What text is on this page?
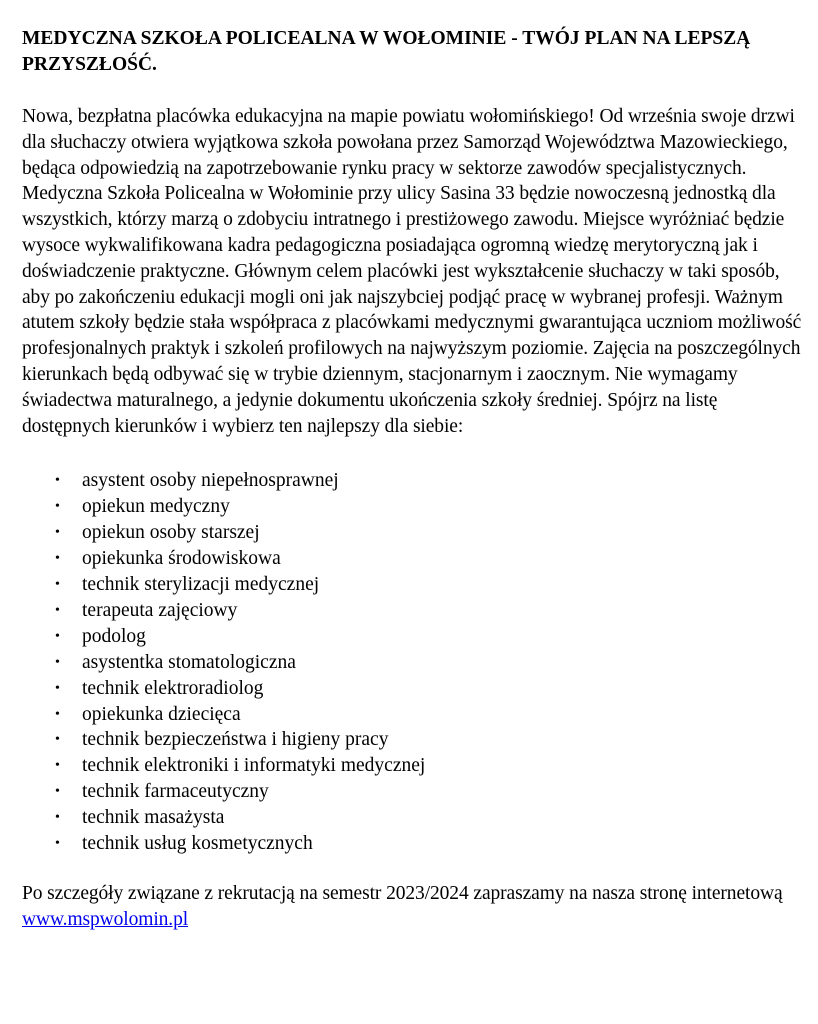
MEDYCZNA SZKOŁA POLICEALNA W WOŁOMINIE - TWÓJ PLAN NA LEPSZĄ PRZYSZŁOŚĆ.

Nowa, bezpłatna placówka edukacyjna na mapie powiatu wołomińskiego! Od września swoje drzwi dla słuchaczy otwiera wyjątkowa szkoła powołana przez Samorząd Województwa Mazowieckiego, będąca odpowiedzią na zapotrzebowanie rynku pracy w sektorze zawodów specjalistycznych. Medyczna Szkoła Policealna w Wołominie przy ulicy Sasina 33 będzie nowoczesną jednostką dla wszystkich, którzy marzą o zdobyciu intratnego i prestiżowego zawodu. Miejsce wyróżniać będzie wysoce wykwalifikowana kadra pedagogiczna posiadająca ogromną wiedzę merytoryczną jak i doświadczenie praktyczne. Głównym celem placówki jest wykształcenie słuchaczy w taki sposób, aby po zakończeniu edukacji mogli oni jak najszybciej podjąć pracę w wybranej profesji. Ważnym atutem szkoły będzie stała współpraca z placówkami medycznymi gwarantująca uczniom możliwość profesjonalnych praktyk i szkoleń profilowych na najwyższym poziomie. Zajęcia na poszczególnych kierunkach będą odbywać się w trybie dziennym, stacjonarnym i zaocznym. Nie wymagamy świadectwa maturalnego, a jedynie dokumentu ukończenia szkoły średniej. Spójrz na listę dostępnych kierunków i wybierz ten najlepszy dla siebie:

• asystent osoby niepełnosprawnej
• opiekun medyczny
• opiekun osoby starszej
• opiekunka środowiskowa
• technik sterylizacji medycznej
• terapeuta zajęciowy
• podolog
• asystentka stomatologiczna
• technik elektroradiolog
• opiekunka dziecięca
• technik bezpieczeństwa i higieny pracy
• technik elektroniki i informatyki medycznej
• technik farmaceutyczny
• technik masażysta
• technik usług kosmetycznych

Po szczegóły związane z rekrutacją na semestr 2023/2024 zapraszamy na nasza stronę internetową www.mspwolomin.pl
